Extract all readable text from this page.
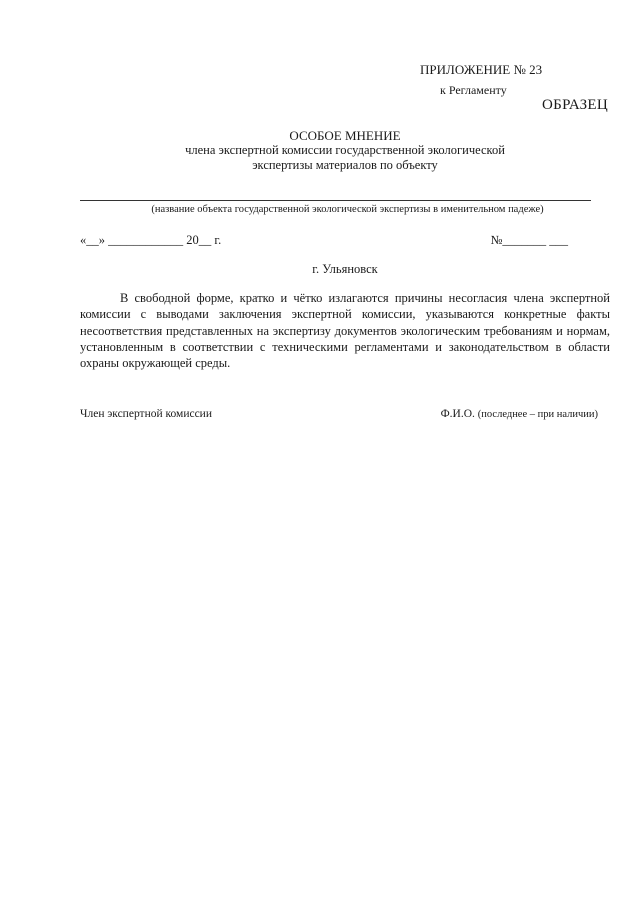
ПРИЛОЖЕНИЕ № 23
к Регламенту
ОБРАЗЕЦ
ОСОБОЕ МНЕНИЕ
члена экспертной комиссии государственной экологической
экспертизы материалов по объекту
(название объекта государственной экологической экспертизы в именительном падеже)
«__» ____________ 20__ г.	№_______ ___
г. Ульяновск

В свободной форме, кратко и чётко излагаются причины несогласия члена экспертной комиссии с выводами заключения экспертной комиссии, указываются конкретные факты несоответствия представленных на экспертизу документов экологическим требованиям и нормам, установленным в соответствии с техническими регламентами и законодательством в области охраны окружающей среды.

Член экспертной комиссии	Ф.И.О. (последнее – при наличии)
